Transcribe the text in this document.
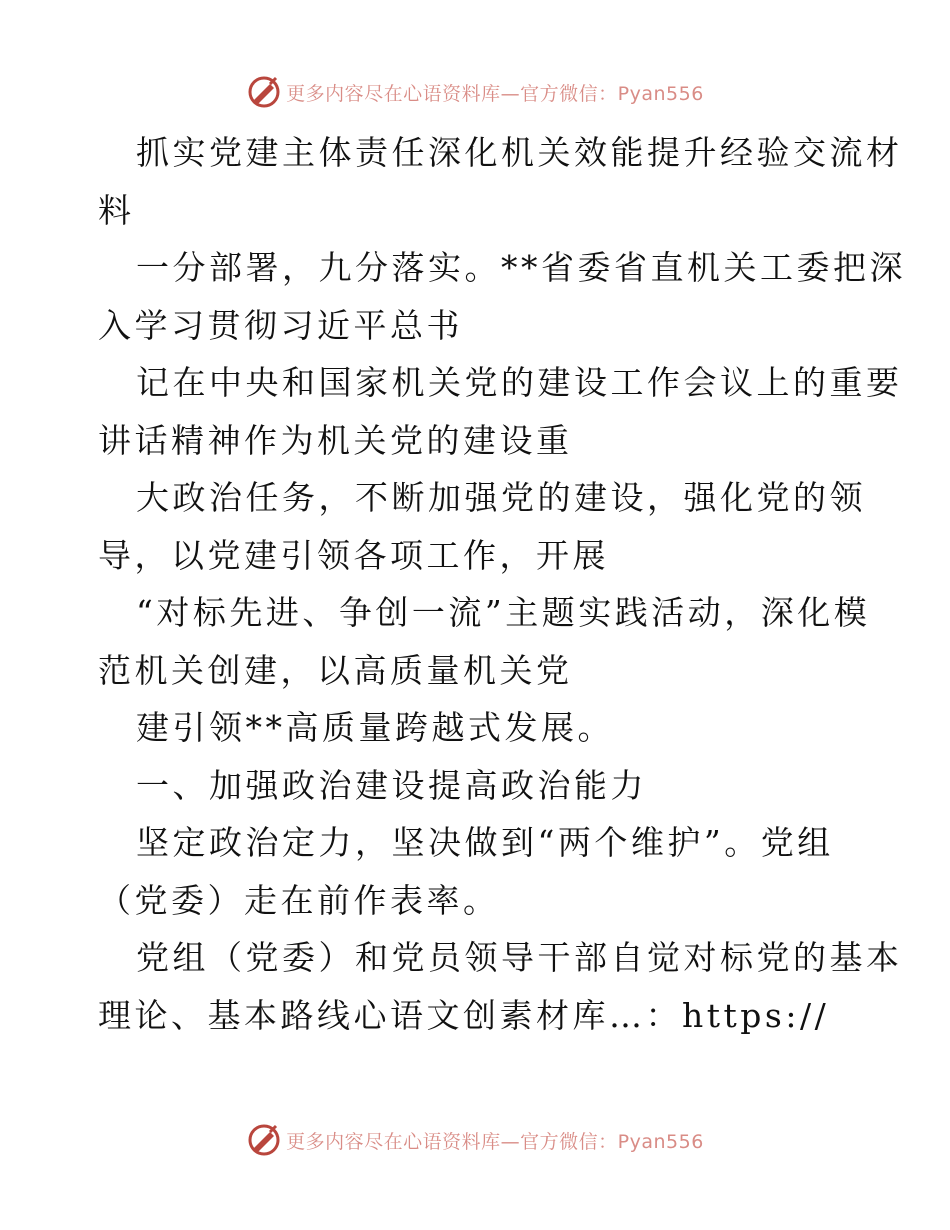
更多内容尽在心语资料库—官方微信：Pyan556
抓实党建主体责任深化机关效能提升经验交流材
料
一分部署，九分落实。**省委省直机关工委把深
入学习贯彻习近平总书
记在中央和国家机关党的建设工作会议上的重要
讲话精神作为机关党的建设重
大政治任务，不断加强党的建设，强化党的领
导，以党建引领各项工作，开展
“对标先进、争创一流”主题实践活动，深化模
范机关创建，以高质量机关党
建引领**高质量跨越式发展。
一、加强政治建设提高政治能力
坚定政治定力，坚决做到“两个维护”。党组
（党委）走在前作表率。
党组（党委）和党员领导干部自觉对标党的基本
理论、基本路线心语文创素材库…：https://
更多内容尽在心语资料库—官方微信：Pyan556
